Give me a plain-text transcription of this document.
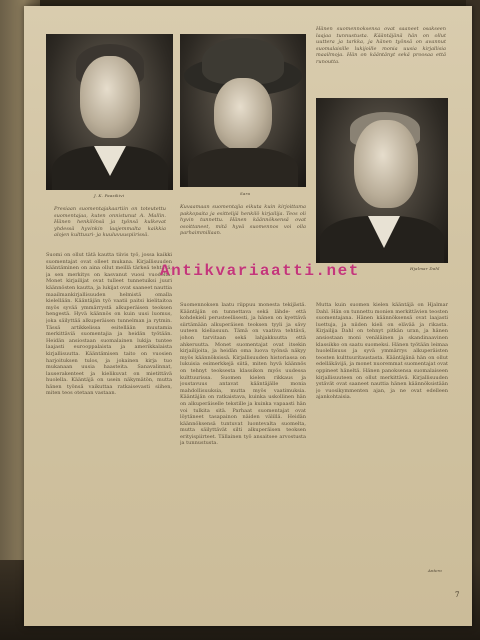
J. K. Paasikivi	Sara
Hjalmar Dahl
Hänen suomennoksensa ovat saaneet osakseen laajaa tunnustusta. Kääntäjänä hän on ollut uuttera ja tarkka, ja hänen työnsä on avannut suomalaisille lukijoille monia uusia kirjallisia maailmoja. Hän on kääntänyt sekä proosaa että runoutta.
Presiaan suomentajakaartiin on toteutettu suomentajaa, kuten onnistunut A. Mallin. Hänen henkilönsä ja työnsä kulkevat yhdessä hyvinkin laajemmalta kaikkia alojen kulttuuri- ja kuuluvuuspiirissä.
Suomi on ollut tätä kautta tiivis työ, jossa kaikki suomentajat ovat olleet mukana. Kirjallisuuden kääntäminen on aina ollut meillä tärkeä tehtävä, ja sen merkitys on kasvanut vuosi vuodelta. Monet kirjailijat ovat tulleet tunnetuiksi juuri käännösten kautta, ja lukijat ovat saaneet nauttia maailmankirjallisuuden helmistä omalla kielellään. Kääntäjän työ vaatii paitsi kielitaitoa myös syvää ymmärrystä alkuperäisen teoksen hengestä. Hyvä käännös on kuin uusi luomus, joka säilyttää alkuperäisen tunnelman ja rytmin. Tässä artikkelissa esitellään muutamia merkittäviä suomentajia ja heidän työtään. Heidän ansiostaan suomalainen lukija tuntee laajasti eurooppalaista ja amerikkalaista kirjallisuutta. Kääntämisen taito on vuosien harjoituksen tulos, ja jokainen kirja tuo mukanaan uusia haasteita. Sanavalinnat, lauserakenteet ja kielikuvat on mietittävä huolella. Kääntäjä on usein näkymätön, mutta hänen työnsä vaikuttaa ratkaisevasti siihen, miten teos otetaan vastaan.
Kuvaamaan suomentajia eikuta kuin kirjoittama pakkopaita ja esittelijä henkilö kirjailija. Teos oli hyvin tunnettu. Hänen käännöksensä ovat osoittaneet, mitä hyvä suomennos voi olla parhaimmillaan.
Suomennoksen laatu riippuu monesta tekijästä. Kääntäjän on tunnettava sekä lähde- että kohdekieli perusteellisesti, ja hänen on kyettävä siirtämään alkuperäisen teoksen tyyli ja sävy uuteen kieliasuun. Tämä on vaativa tehtävä, johon tarvitaan sekä lahjakkuutta että ahkeruutta. Monet suomentajat ovat itsekin kirjailijoita, ja heidän oma luova työnsä näkyy myös käännöksissä. Kirjallisuuden historiassa on lukuisia esimerkkejä siitä, miten hyvä käännös on tehnyt teoksesta klassikon myös uudessa kulttuurissa. Suomen kielen rikkaus ja joustavuus antavat kääntäjälle monia mahdollisuuksia, mutta myös vaatimuksia. Kääntäjän on ratkaistava, kuinka uskollinen hän on alkuperäiselle tekstille ja kuinka vapaasti hän voi tulkita sitä. Parhaat suomentajat ovat löytäneet tasapainon näiden välillä. Heidän käännöksensä tuntuvat luontevalta suomelta, mutta säilyttävät silti alkuperäisen teoksen erityispiirteet. Tällainen työ ansaitsee arvostusta ja tunnustusta.
Mutta kuin suomen kielen kääntäjä on Hjalmar Dahl. Hän on tunnettu monien merkittävien teosten suomentajana. Hänen käännöksensä ovat laajasti luettuja, ja niiden kieli on elävää ja rikasta. Kirjailija Dahl on tehnyt pitkän uran, ja hänen ansiostaan moni venäläinen ja skandinaavinen klassikko on saatu suomeksi. Hänen työtään leimaa huolellisuus ja syvä ymmärrys alkuperäisten teosten kulttuuritaustasta. Kääntäjänä hän on ollut edelläkävijä, ja monet nuoremmat suomentajat ovat oppineet häneltä. Hänen panoksensa suomalaiseen kirjallisuuteen on ollut merkittävä. Kirjallisuuden ystävät ovat saaneet nauttia hänen käännöksistään jo vuosikymmenten ajan, ja ne ovat edelleen ajankohtaisia.
Antero
7
Antikvariaatti.net
